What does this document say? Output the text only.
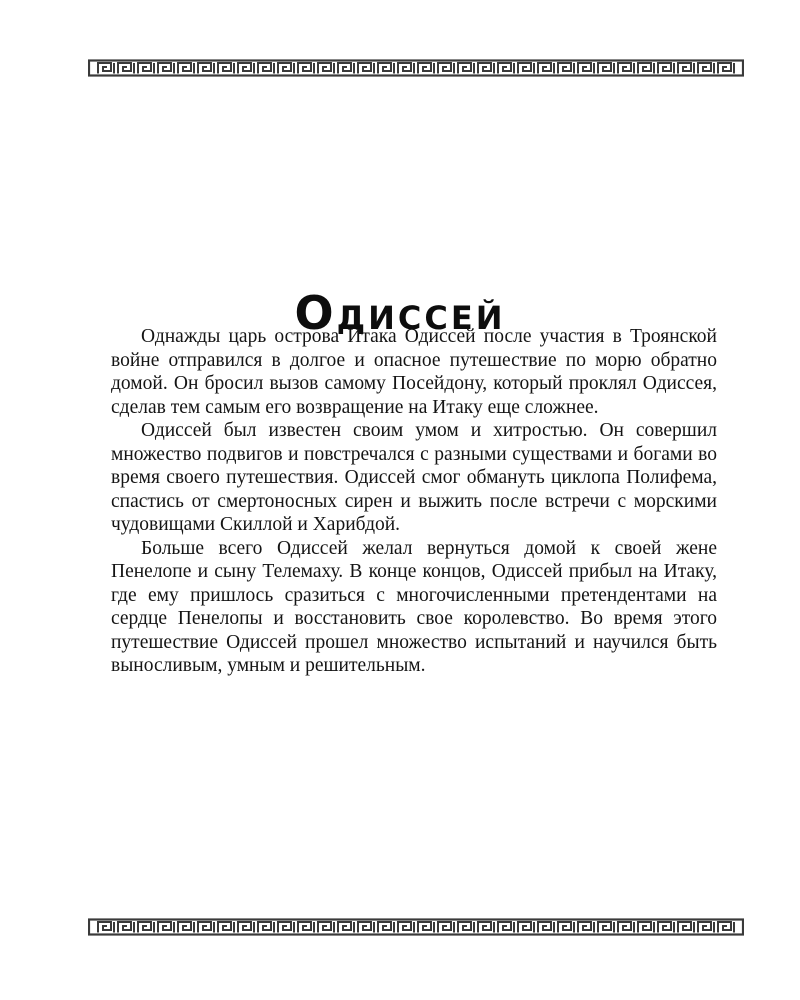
Одиссей

Однажды царь острова Итака Одиссей после участия в Троянской войне отправился в долгое и опасное путешествие по морю обратно домой. Он бросил вызов самому Посейдону, который проклял Одиссея, сделав тем самым его возвращение на Итаку еще сложнее.

Одиссей был известен своим умом и хитростью. Он совершил множество подвигов и повстречался с разными существами и богами во время своего путешествия. Одиссей смог обмануть циклопа Полифема, спастись от смертоносных сирен и выжить после встречи с морскими чудовищами Скиллой и Харибдой.

Больше всего Одиссей желал вернуться домой к своей жене Пенелопе и сыну Телемаху. В конце концов, Одиссей прибыл на Итаку, где ему пришлось сразиться с многочисленными претендентами на сердце Пенелопы и восстановить свое королевство. Во время этого путешествие Одиссей прошел множество испытаний и научился быть выносливым, умным и решительным.
